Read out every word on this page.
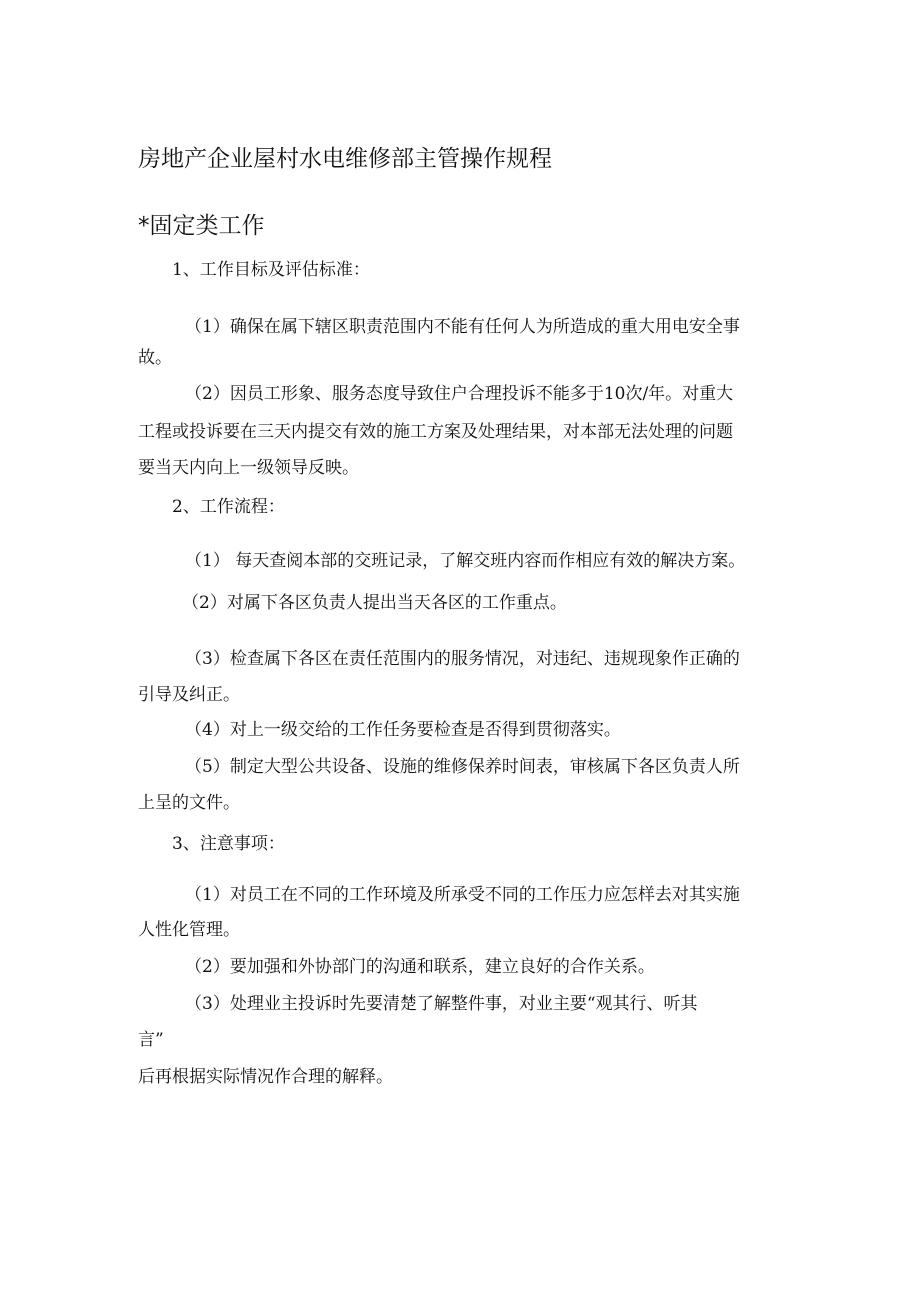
房地产企业屋村水电维修部主管操作规程
*固定类工作
1、工作目标及评估标准：
（1）确保在属下辖区职责范围内不能有任何人为所造成的重大用电安全事
故。
（2）因员工形象、服务态度导致住户合理投诉不能多于10次/年。对重大
工程或投诉要在三天内提交有效的施工方案及处理结果，对本部无法处理的问题
要当天内向上一级领导反映。
2、工作流程：
（1） 每天查阅本部的交班记录，了解交班内容而作相应有效的解决方案。
（2）对属下各区负责人提出当天各区的工作重点。
（3）检查属下各区在责任范围内的服务情况，对违纪、违规现象作正确的
引导及纠正。
（4）对上一级交给的工作任务要检查是否得到贯彻落实。
（5）制定大型公共设备、设施的维修保养时间表，审核属下各区负责人所
上呈的文件。
3、注意事项：
（1）对员工在不同的工作环境及所承受不同的工作压力应怎样去对其实施
人性化管理。
（2）要加强和外协部门的沟通和联系，建立良好的合作关系。
（3）处理业主投诉时先要清楚了解整件事，对业主要“观其行、听其
言”
后再根据实际情况作合理的解释。
